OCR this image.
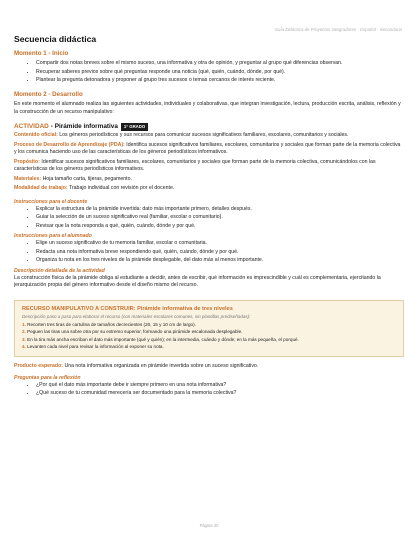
Guía Didáctica de Proyectos Integradores · Español · Secundaria
Secuencia didáctica
Momento 1 - Inicio
• Compartir dos notas breves sobre el mismo suceso, una informativa y otra de opinión, y preguntar al grupo qué diferencias observan.
• Recuperar saberes previos sobre qué preguntas responde una noticia (qué, quién, cuándo, dónde, por qué).
• Plantear la pregunta detonadora y proponer al grupo tres sucesos o temas cercanos de interés reciente.
Momento 2 - Desarrollo

En este momento el alumnado realiza las siguientes actividades, individuales y colaborativas, que integran investigación, lectura, producción escrita, análisis, reflexión y la construcción de un recurso manipulativo:

ACTIVIDAD - Pirámide informativa	1° GRADO

Contenido oficial: Los géneros periodísticos y sus recursos para comunicar sucesos significativos familiares, escolares, comunitarios y sociales.

Proceso de Desarrollo de Aprendizaje (PDA): Identifica sucesos significativos familiares, escolares, comunitarios y sociales que forman parte de la memoria colectiva y los comunica haciendo uso de las características de los géneros periodísticos informativos.

Propósito: Identificar sucesos significativos familiares, escolares, comunitarios y sociales que forman parte de la memoria colectiva, comunicándolos con las características de los géneros periodísticos informativos.

Materiales: Hoja tamaño carta, tijeras, pegamento.

Modalidad de trabajo: Trabajo individual con revisión por el docente.

Instrucciones para el docente
• Explicar la estructura de la pirámide invertida: dato más importante primero, detalles después.
• Guiar la selección de un suceso significativo real (familiar, escolar o comunitario).
• Revisar que la nota responda a qué, quién, cuándo, dónde y por qué.
Instrucciones para el alumnado
• Elige un suceso significativo de tu memoria familiar, escolar o comunitaria.
• Redacta una nota informativa breve respondiendo qué, quién, cuándo, dónde y por qué.
• Organiza tu nota en los tres niveles de la pirámide desplegable, del dato más al menos importante.
Descripción detallada de la actividad

La construcción física de la pirámide obliga al estudiante a decidir, antes de escribir, qué información es imprescindible y cuál es complementaria, ejercitando la jerarquización propia del género informativo desde el diseño mismo del recurso.

RECURSO MANIPULATIVO A CONSTRUIR: Pirámide informativa de tres niveles
Descripción paso a paso para elaborar el recurso (con materiales escolares comunes, sin plantillas prediseñadas):
1. Recorten tres tiras de cartulina de tamaños decrecientes (20, 15 y 10 cm de largo).
2. Peguen las tiras una sobre otra por su extremo superior, formando una pirámide escalonada desplegable.
3. En la tira más ancha escriban el dato más importante (qué y quién); en la intermedia, cuándo y dónde; en la más pequeña, el porqué.
4. Levanten cada nivel para revisar la información al exponer su nota.

Producto esperado: Una nota informativa organizada en pirámide invertida sobre un suceso significativo.

Preguntas para la reflexión
• ¿Por qué el dato más importante debe ir siempre primero en una nota informativa?
• ¿Qué suceso de tu comunidad merecería ser documentado para la memoria colectiva?
Página 30
